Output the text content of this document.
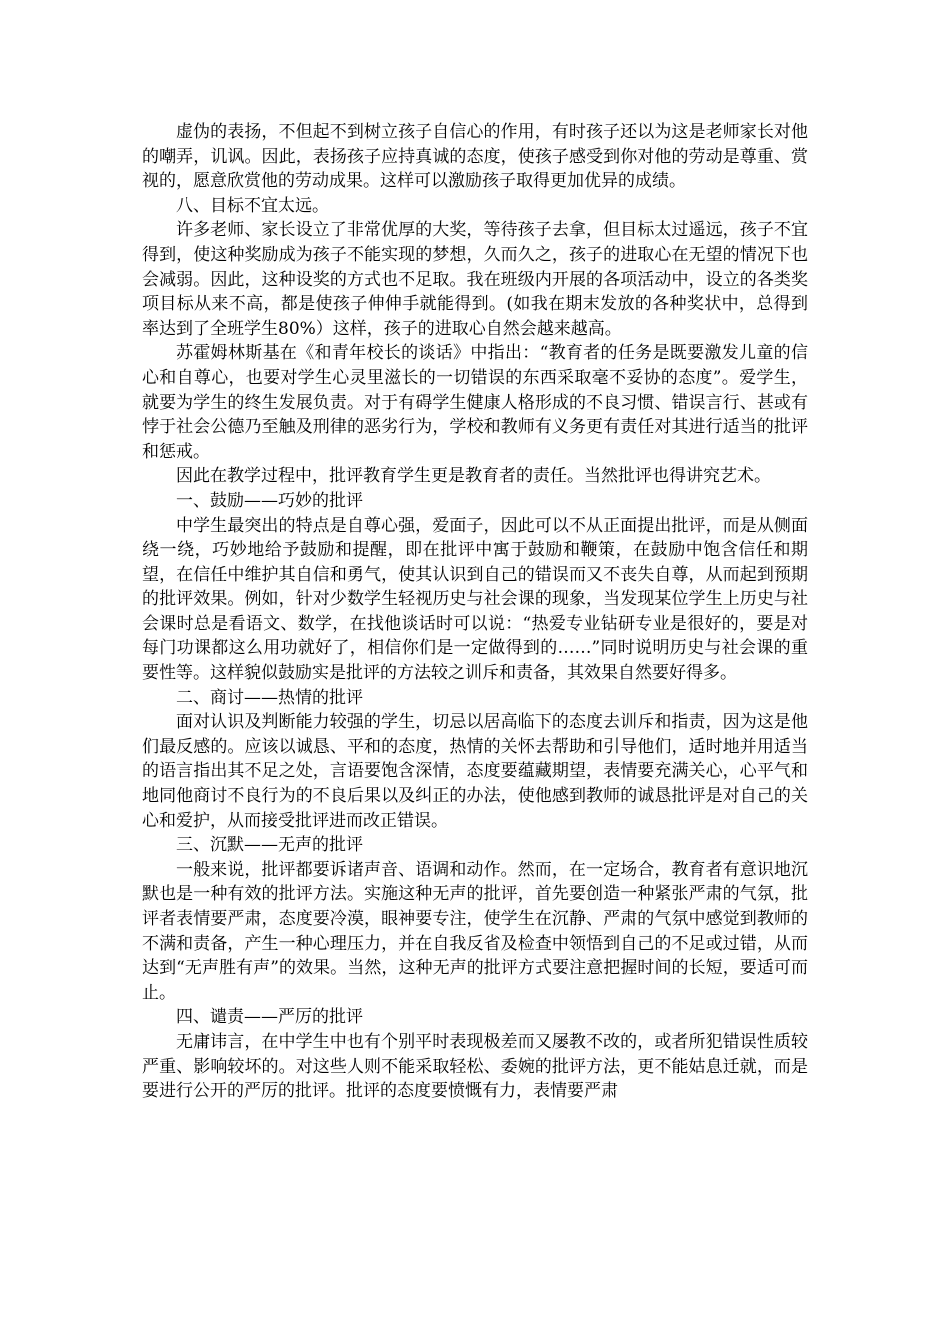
虚伪的表扬，不但起不到树立孩子自信心的作用，有时孩子还以为这是老师家长对他的嘲弄，讥讽。因此，表扬孩子应持真诚的态度，使孩子感受到你对他的劳动是尊重、赏视的，愿意欣赏他的劳动成果。这样可以激励孩子取得更加优异的成绩。

八、目标不宜太远。

许多老师、家长设立了非常优厚的大奖，等待孩子去拿，但目标太过遥远，孩子不宜得到，使这种奖励成为孩子不能实现的梦想，久而久之，孩子的进取心在无望的情况下也会减弱。因此，这种设奖的方式也不足取。我在班级内开展的各项活动中，设立的各类奖项目标从来不高，都是使孩子伸伸手就能得到。(如我在期末发放的各种奖状中，总得到率达到了全班学生80%）这样，孩子的进取心自然会越来越高。

苏霍姆林斯基在《和青年校长的谈话》中指出：“教育者的任务是既要激发儿童的信心和自尊心，也要对学生心灵里滋长的一切错误的东西采取毫不妥协的态度”。爱学生，就要为学生的终生发展负责。对于有碍学生健康人格形成的不良习惯、错误言行、甚或有悖于社会公德乃至触及刑律的恶劣行为，学校和教师有义务更有责任对其进行适当的批评和惩戒。

因此在教学过程中，批评教育学生更是教育者的责任。当然批评也得讲究艺术。

一、鼓励——巧妙的批评

中学生最突出的特点是自尊心强，爱面子，因此可以不从正面提出批评，而是从侧面绕一绕，巧妙地给予鼓励和提醒，即在批评中寓于鼓励和鞭策，在鼓励中饱含信任和期望，在信任中维护其自信和勇气，使其认识到自己的错误而又不丧失自尊，从而起到预期的批评效果。例如，针对少数学生轻视历史与社会课的现象，当发现某位学生上历史与社会课时总是看语文、数学，在找他谈话时可以说：“热爱专业钻研专业是很好的，要是对每门功课都这么用功就好了，相信你们是一定做得到的……”同时说明历史与社会课的重要性等。这样貌似鼓励实是批评的方法较之训斥和责备，其效果自然要好得多。

二、商讨——热情的批评

面对认识及判断能力较强的学生，切忌以居高临下的态度去训斥和指责，因为这是他们最反感的。应该以诚恳、平和的态度，热情的关怀去帮助和引导他们，适时地并用适当的语言指出其不足之处，言语要饱含深情，态度要蕴藏期望，表情要充满关心，心平气和地同他商讨不良行为的不良后果以及纠正的办法，使他感到教师的诚恳批评是对自己的关心和爱护，从而接受批评进而改正错误。

三、沉默——无声的批评

一般来说，批评都要诉诸声音、语调和动作。然而，在一定场合，教育者有意识地沉默也是一种有效的批评方法。实施这种无声的批评，首先要创造一种紧张严肃的气氛，批评者表情要严肃，态度要冷漠，眼神要专注，使学生在沉静、严肃的气氛中感觉到教师的不满和责备，产生一种心理压力，并在自我反省及检查中领悟到自己的不足或过错，从而达到“无声胜有声”的效果。当然，这种无声的批评方式要注意把握时间的长短，要适可而止。

四、谴责——严厉的批评

无庸讳言，在中学生中也有个别平时表现极差而又屡教不改的，或者所犯错误性质较严重、影响较坏的。对这些人则不能采取轻松、委婉的批评方法，更不能姑息迁就，而是要进行公开的严厉的批评。批评的态度要愤慨有力，表情要严肃
